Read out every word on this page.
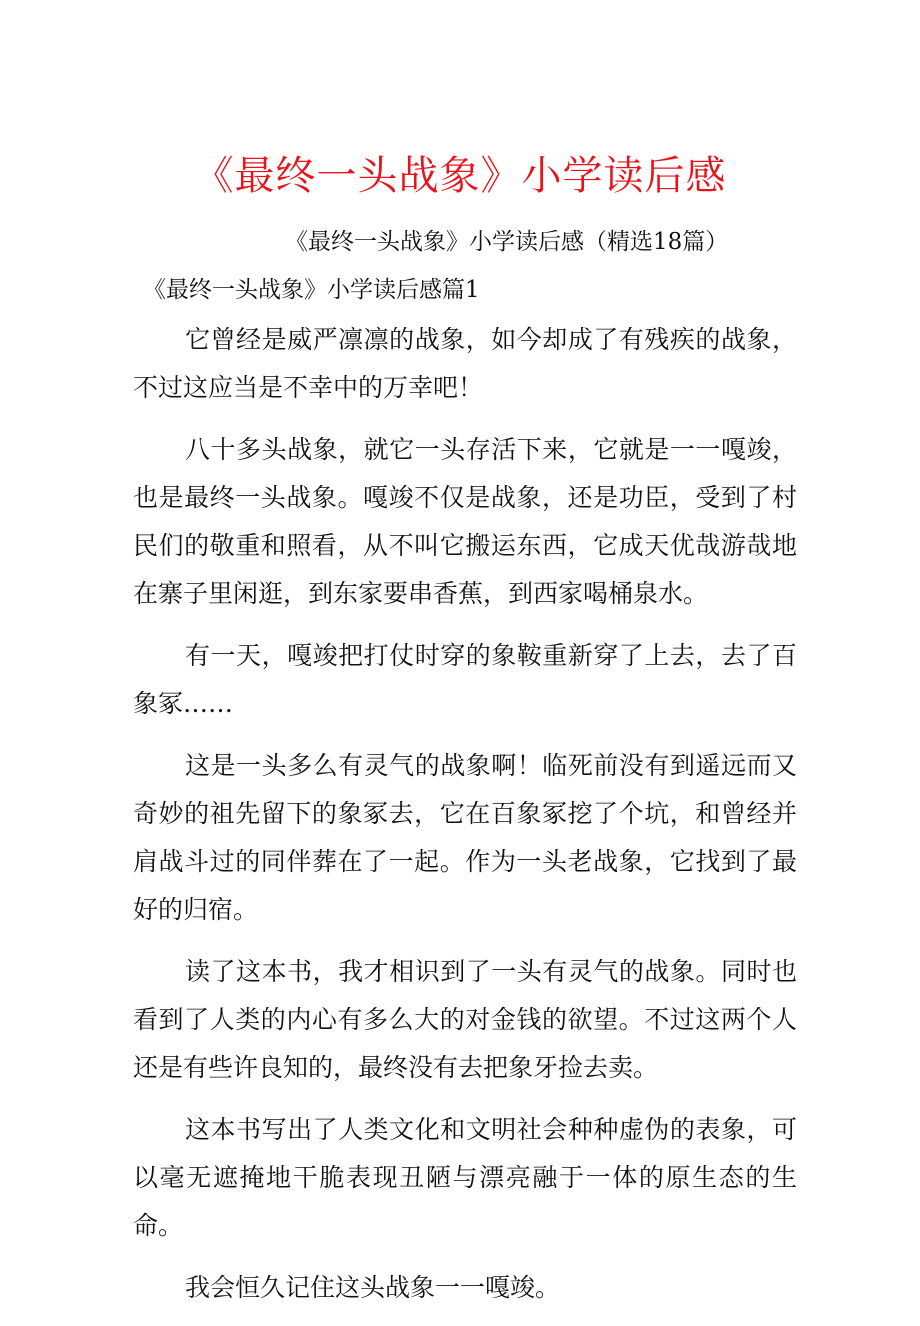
《最终一头战象》小学读后感

《最终一头战象》小学读后感（精选18篇）

《最终一头战象》小学读后感篇1

它曾经是威严凛凛的战象，如今却成了有残疾的战象，不过这应当是不幸中的万幸吧！

八十多头战象，就它一头存活下来，它就是一一嘎竣，也是最终一头战象。嘎竣不仅是战象，还是功臣，受到了村民们的敬重和照看，从不叫它搬运东西，它成天优哉游哉地在寨子里闲逛，到东家要串香蕉，到西家喝桶泉水。

有一天，嘎竣把打仗时穿的象鞍重新穿了上去，去了百象冢……

这是一头多么有灵气的战象啊！临死前没有到遥远而又奇妙的祖先留下的象冢去，它在百象冢挖了个坑，和曾经并肩战斗过的同伴葬在了一起。作为一头老战象，它找到了最好的归宿。

读了这本书，我才相识到了一头有灵气的战象。同时也看到了人类的内心有多么大的对金钱的欲望。不过这两个人还是有些许良知的，最终没有去把象牙捡去卖。

这本书写出了人类文化和文明社会种种虚伪的表象，可以毫无遮掩地干脆表现丑陋与漂亮融于一体的原生态的生命。

我会恒久记住这头战象一一嘎竣。
